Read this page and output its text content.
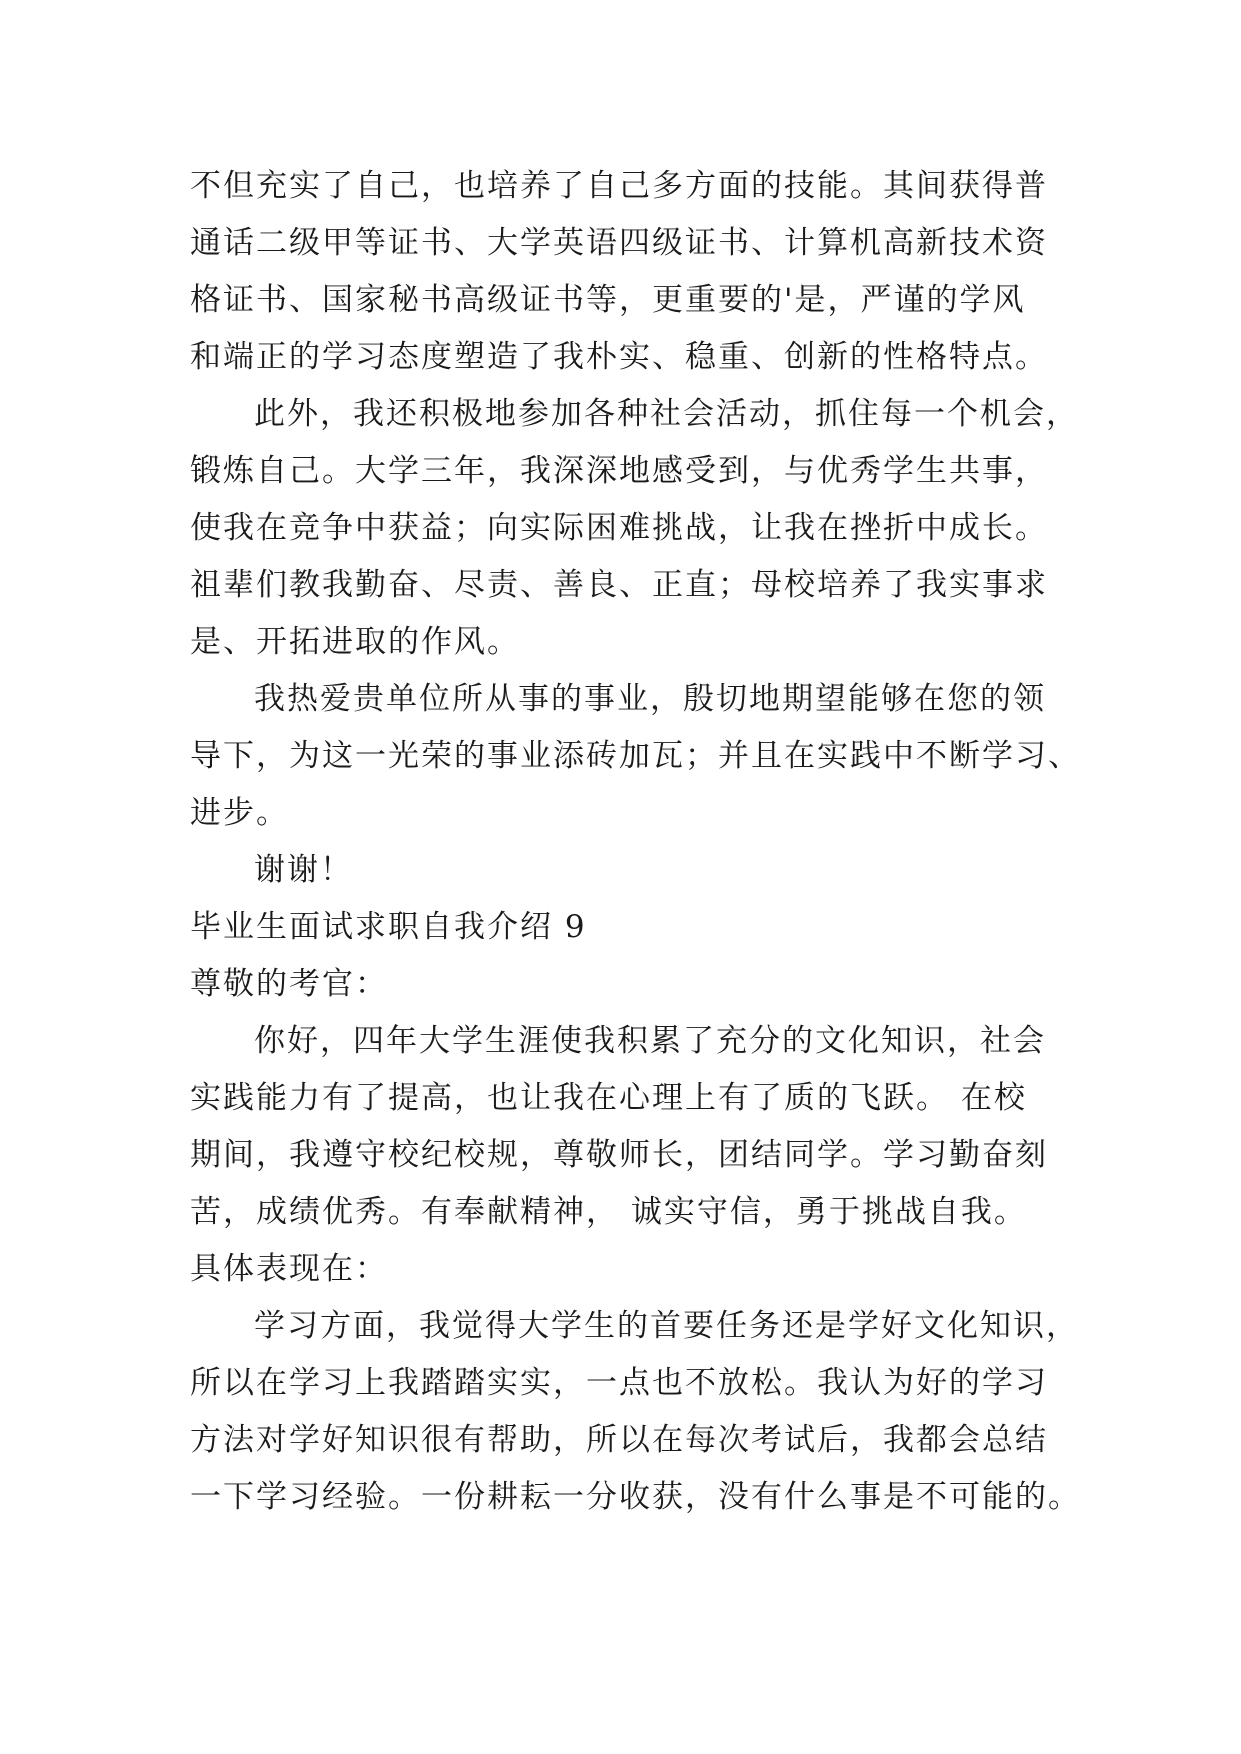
不但充实了自己，也培养了自己多方面的技能。其间获得普
通话二级甲等证书、大学英语四级证书、计算机高新技术资
格证书、国家秘书高级证书等，更重要的'是，严谨的学风
和端正的学习态度塑造了我朴实、稳重、创新的性格特点。
此外，我还积极地参加各种社会活动，抓住每一个机会，
锻炼自己。大学三年，我深深地感受到，与优秀学生共事，
使我在竞争中获益；向实际困难挑战，让我在挫折中成长。
祖辈们教我勤奋、尽责、善良、正直；母校培养了我实事求
是、开拓进取的作风。
我热爱贵单位所从事的事业，殷切地期望能够在您的领
导下，为这一光荣的事业添砖加瓦；并且在实践中不断学习、
进步。
谢谢！
毕业生面试求职自我介绍 9
尊敬的考官：
你好，四年大学生涯使我积累了充分的文化知识，社会
实践能力有了提高，也让我在心理上有了质的飞跃。 在校
期间，我遵守校纪校规，尊敬师长，团结同学。学习勤奋刻
苦，成绩优秀。有奉献精神， 诚实守信，勇于挑战自我。
具体表现在：
学习方面，我觉得大学生的首要任务还是学好文化知识，
所以在学习上我踏踏实实，一点也不放松。我认为好的学习
方法对学好知识很有帮助，所以在每次考试后，我都会总结
一下学习经验。一份耕耘一分收获，没有什么事是不可能的。
